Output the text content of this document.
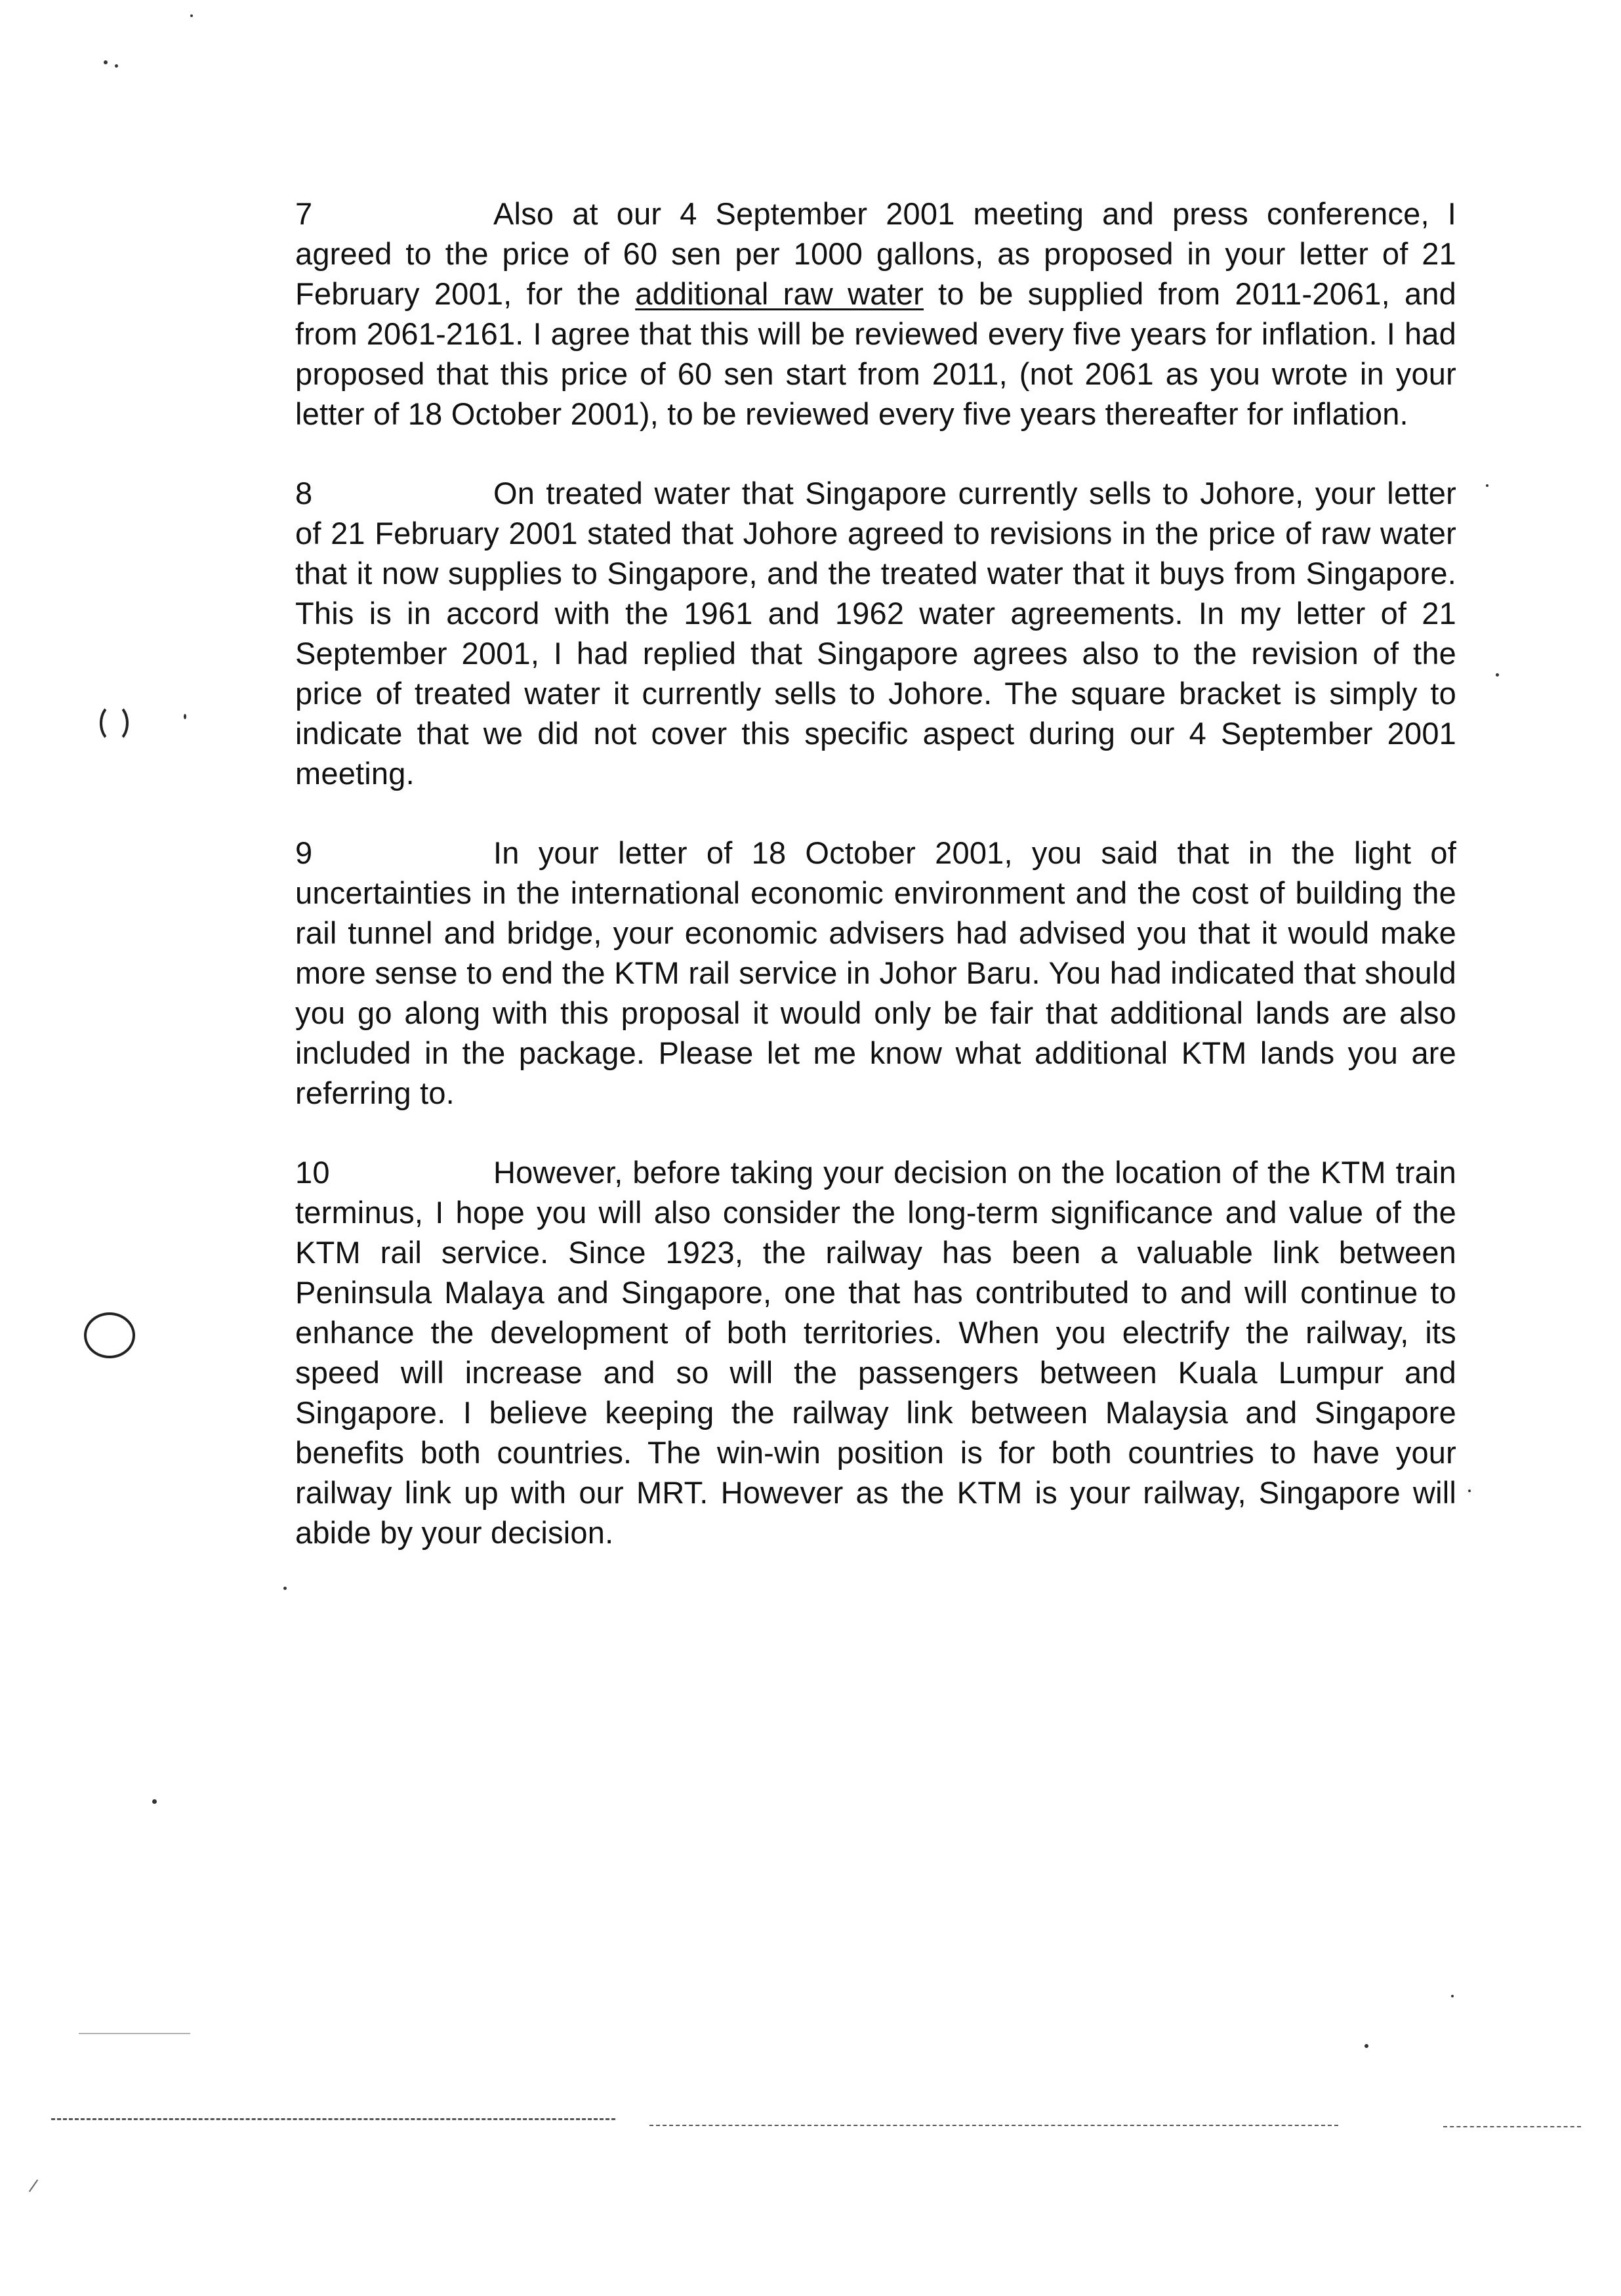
7	Also at our 4 September 2001 meeting and press conference, I agreed to the price of 60 sen per 1000 gallons, as proposed in your letter of 21 February 2001, for the additional raw water to be supplied from 2011-2061, and from 2061-2161. I agree that this will be reviewed every five years for inflation. I had proposed that this price of 60 sen start from 2011, (not 2061 as you wrote in your letter of 18 October 2001), to be reviewed every five years thereafter for inflation.

8	On treated water that Singapore currently sells to Johore, your letter of 21 February 2001 stated that Johore agreed to revisions in the price of raw water that it now supplies to Singapore, and the treated water that it buys from Singapore. This is in accord with the 1961 and 1962 water agreements. In my letter of 21 September 2001, I had replied that Singapore agrees also to the revision of the price of treated water it currently sells to Johore. The square bracket is simply to indicate that we did not cover this specific aspect during our 4 September 2001 meeting.

9	In your letter of 18 October 2001, you said that in the light of uncertainties in the international economic environment and the cost of building the rail tunnel and bridge, your economic advisers had advised you that it would make more sense to end the KTM rail service in Johor Baru. You had indicated that should you go along with this proposal it would only be fair that additional lands are also included in the package. Please let me know what additional KTM lands you are referring to.

10	However, before taking your decision on the location of the KTM train terminus, I hope you will also consider the long-term significance and value of the KTM rail service. Since 1923, the railway has been a valuable link between Peninsula Malaya and Singapore, one that has contributed to and will continue to enhance the development of both territories. When you electrify the railway, its speed will increase and so will the passengers between Kuala Lumpur and Singapore. I believe keeping the railway link between Malaysia and Singapore benefits both countries. The win-win position is for both countries to have your railway link up with our MRT. However as the KTM is your railway, Singapore will abide by your decision.
